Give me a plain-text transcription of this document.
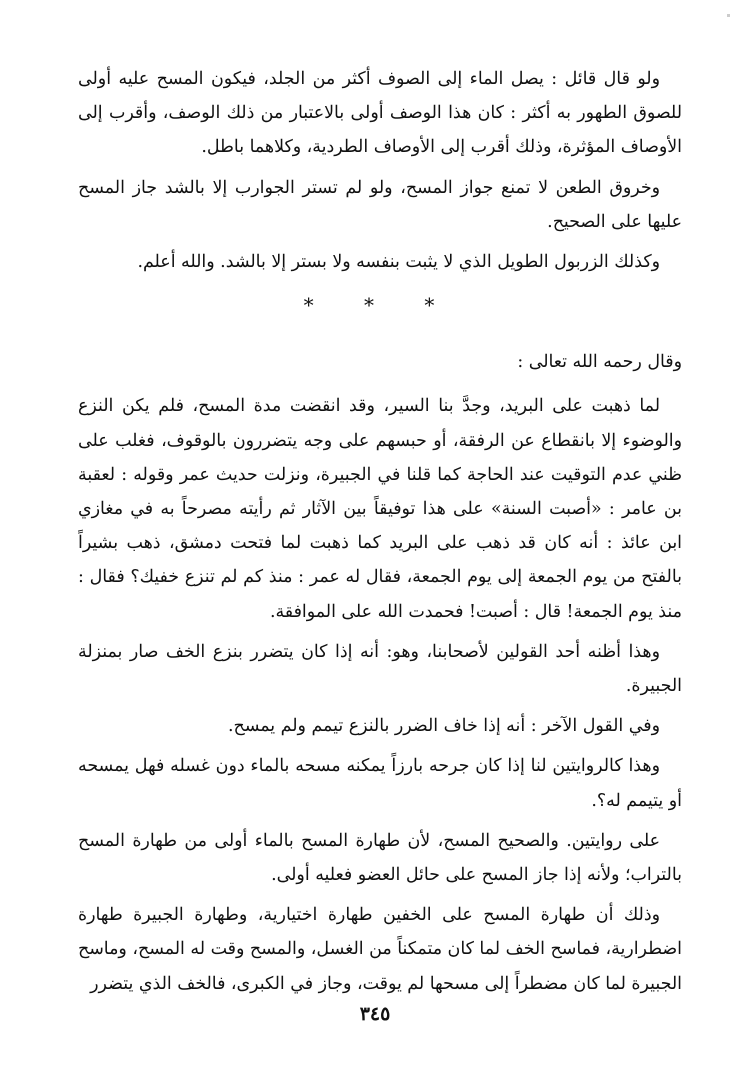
ولو قال قائل : يصل الماء إلى الصوف أكثر من الجلد، فيكون المسح عليه أولى للصوق الطهور به أكثر : كان هذا الوصف أولى بالاعتبار من ذلك الوصف، وأقرب إلى الأوصاف المؤثرة، وذلك أقرب إلى الأوصاف الطردية، وكلاهما باطل.

وخروق الطعن لا تمنع جواز المسح، ولو لم تستر الجوارب إلا بالشد جاز المسح عليها على الصحيح.

وكذلك الزربول الطويل الذي لا يثبت بنفسه ولا بستر إلا بالشد. والله أعلم.

* * *

وقال رحمه الله تعالى :

لما ذهبت على البريد، وجدَّ بنا السير، وقد انقضت مدة المسح، فلم يكن النزع والوضوء إلا بانقطاع عن الرفقة، أو حبسهم على وجه يتضررون بالوقوف، فغلب على ظني عدم التوقيت عند الحاجة كما قلنا في الجبيرة، ونزلت حديث عمر وقوله : لعقبة بن عامر : «أصبت السنة» على هذا توفيقاً بين الآثار ثم رأيته مصرحاً به في مغازي ابن عائذ : أنه كان قد ذهب على البريد كما ذهبت لما فتحت دمشق، ذهب بشيراً بالفتح من يوم الجمعة إلى يوم الجمعة، فقال له عمر : منذ كم لم تنزع خفيك؟ فقال : منذ يوم الجمعة! قال : أصبت! فحمدت الله على الموافقة.

وهذا أظنه أحد القولين لأصحابنا، وهو: أنه إذا كان يتضرر بنزع الخف صار بمنزلة الجبيرة.

وفي القول الآخر : أنه إذا خاف الضرر بالنزع تيمم ولم يمسح.

وهذا كالروايتين لنا إذا كان جرحه بارزاً يمكنه مسحه بالماء دون غسله فهل يمسحه أو يتيمم له؟.

على روايتين. والصحيح المسح، لأن طهارة المسح بالماء أولى من طهارة المسح بالتراب؛ ولأنه إذا جاز المسح على حائل العضو فعليه أولى.

وذلك أن طهارة المسح على الخفين طهارة اختيارية، وطهارة الجبيرة طهارة اضطرارية، فماسح الخف لما كان متمكناً من الغسل، والمسح وقت له المسح، وماسح الجبيرة لما كان مضطراً إلى مسحها لم يوقت، وجاز في الكبرى، فالخف الذي يتضرر

٣٤٥
